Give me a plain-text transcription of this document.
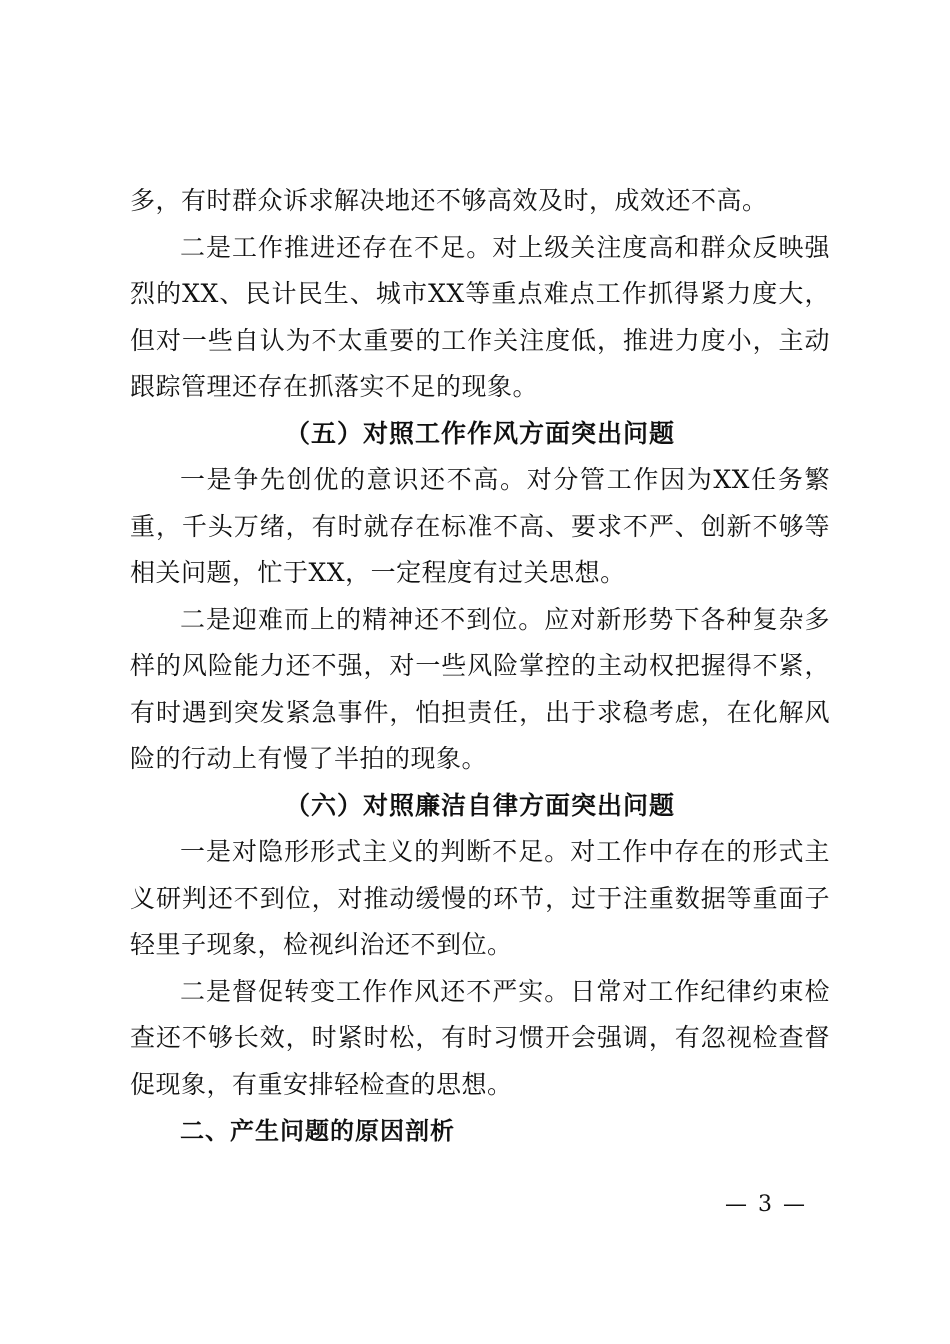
多，有时群众诉求解决地还不够高效及时，成效还不高。

二是工作推进还存在不足。对上级关注度高和群众反映强烈的XX、民计民生、城市XX等重点难点工作抓得紧力度大，但对一些自认为不太重要的工作关注度低，推进力度小，主动跟踪管理还存在抓落实不足的现象。

（五）对照工作作风方面突出问题

一是争先创优的意识还不高。对分管工作因为XX任务繁重，千头万绪，有时就存在标准不高、要求不严、创新不够等相关问题，忙于XX，一定程度有过关思想。

二是迎难而上的精神还不到位。应对新形势下各种复杂多样的风险能力还不强，对一些风险掌控的主动权把握得不紧，有时遇到突发紧急事件，怕担责任，出于求稳考虑，在化解风险的行动上有慢了半拍的现象。

（六）对照廉洁自律方面突出问题

一是对隐形形式主义的判断不足。对工作中存在的形式主义研判还不到位，对推动缓慢的环节，过于注重数据等重面子轻里子现象，检视纠治还不到位。

二是督促转变工作作风还不严实。日常对工作纪律约束检查还不够长效，时紧时松，有时习惯开会强调，有忽视检查督促现象，有重安排轻检查的思想。

二、产生问题的原因剖析

— 3 —
